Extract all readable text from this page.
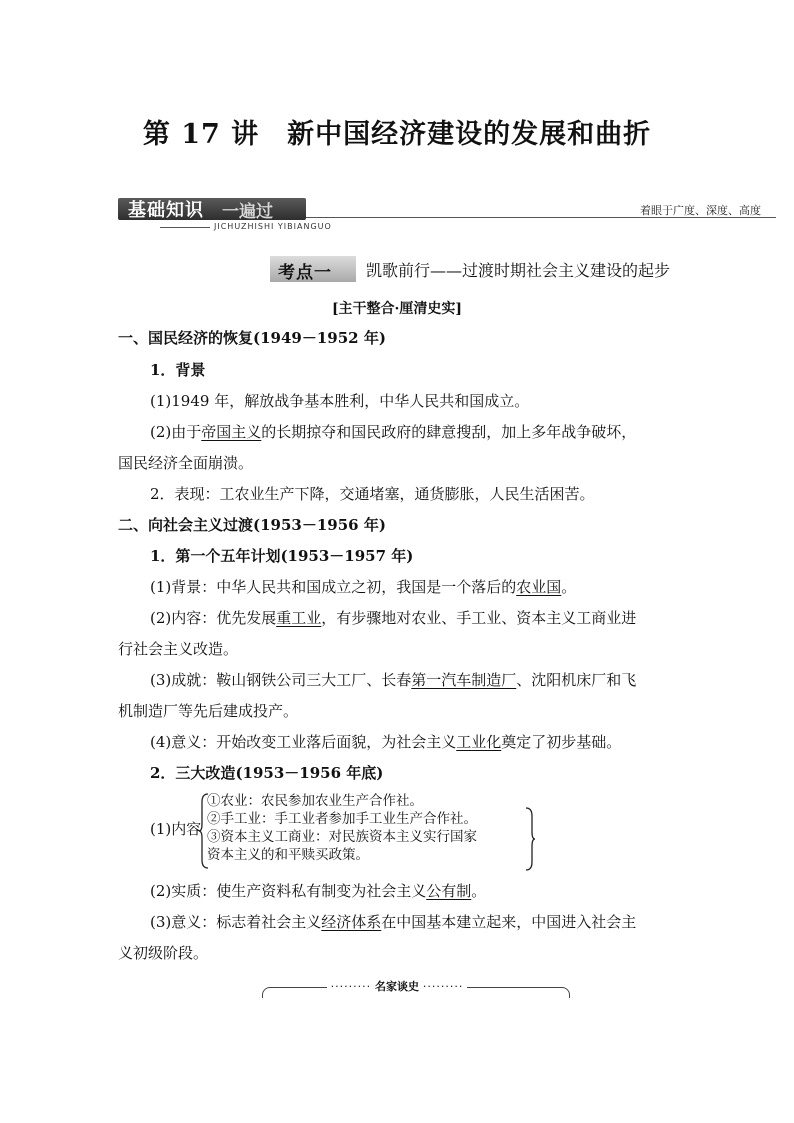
第 17 讲　新中国经济建设的发展和曲折
基础知识 一遍过
JICHUZHISHI YIBIANGUO
着眼于广度、深度、高度
考点一 凯歌前行——过渡时期社会主义建设的起步
[主干整合·厘清史实]
一、国民经济的恢复(1949－1952 年)
1．背景
(1)1949 年，解放战争基本胜利，中华人民共和国成立。
(2)由于帝国主义的长期掠夺和国民政府的肆意搜刮，加上多年战争破坏，
国民经济全面崩溃。
2．表现：工农业生产下降，交通堵塞，通货膨胀，人民生活困苦。
二、向社会主义过渡(1953－1956 年)
1．第一个五年计划(1953－1957 年)
(1)背景：中华人民共和国成立之初，我国是一个落后的农业国。
(2)内容：优先发展重工业，有步骤地对农业、手工业、资本主义工商业进
行社会主义改造。
(3)成就：鞍山钢铁公司三大工厂、长春第一汽车制造厂、沈阳机床厂和飞
机制造厂等先后建成投产。
(4)意义：开始改变工业落后面貌，为社会主义工业化奠定了初步基础。
2．三大改造(1953－1956 年底)
(1)内容
①农业：农民参加农业生产合作社。
②手工业：手工业者参加手工业生产合作社。
③资本主义工商业：对民族资本主义实行国家
资本主义的和平赎买政策。
(2)实质：使生产资料私有制变为社会主义公有制。
(3)意义：标志着社会主义经济体系在中国基本建立起来，中国进入社会主
义初级阶段。
········· 名家谈史 ·········
